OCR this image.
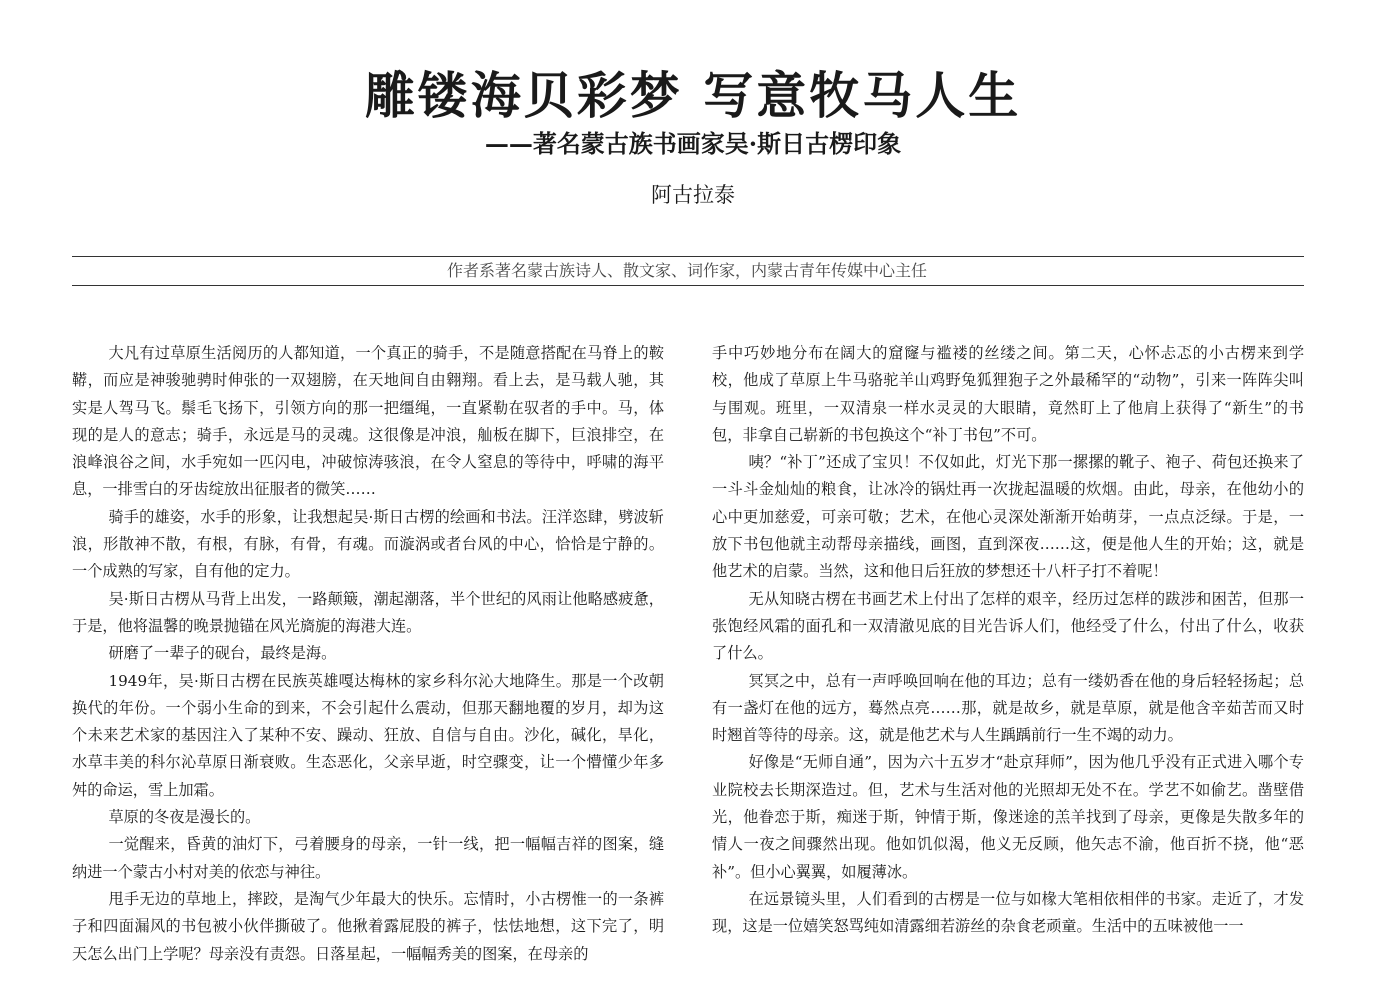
雕镂海贝彩梦 写意牧马人生
——著名蒙古族书画家吴·斯日古楞印象
阿古拉泰
作者系著名蒙古族诗人、散文家、词作家，内蒙古青年传媒中心主任

大凡有过草原生活阅历的人都知道，一个真正的骑手，不是随意搭配在马脊上的鞍鞯，而应是神骏驰骋时伸张的一双翅膀，在天地间自由翱翔。看上去，是马载人驰，其实是人驾马飞。鬃毛飞扬下，引领方向的那一把缰绳，一直紧勒在驭者的手中。马，体现的是人的意志；骑手，永远是马的灵魂。这很像是冲浪，舢板在脚下，巨浪排空，在浪峰浪谷之间，水手宛如一匹闪电，冲破惊涛骇浪，在令人窒息的等待中，呼啸的海平息，一排雪白的牙齿绽放出征服者的微笑……

骑手的雄姿，水手的形象，让我想起吴·斯日古楞的绘画和书法。汪洋恣肆，劈波斩浪，形散神不散，有根，有脉，有骨，有魂。而漩涡或者台风的中心，恰恰是宁静的。一个成熟的写家，自有他的定力。

吴·斯日古楞从马背上出发，一路颠簸，潮起潮落，半个世纪的风雨让他略感疲惫，于是，他将温馨的晚景抛锚在风光旖旎的海港大连。

研磨了一辈子的砚台，最终是海。

1949年，吴·斯日古楞在民族英雄嘎达梅林的家乡科尔沁大地降生。那是一个改朝换代的年份。一个弱小生命的到来，不会引起什么震动，但那天翻地覆的岁月，却为这个未来艺术家的基因注入了某种不安、躁动、狂放、自信与自由。沙化，碱化，旱化，水草丰美的科尔沁草原日渐衰败。生态恶化，父亲早逝，时空骤变，让一个懵懂少年多舛的命运，雪上加霜。

草原的冬夜是漫长的。

一觉醒来，昏黄的油灯下，弓着腰身的母亲，一针一线，把一幅幅吉祥的图案，缝纳进一个蒙古小村对美的依恋与神往。

甩手无边的草地上，摔跤，是淘气少年最大的快乐。忘情时，小古楞惟一的一条裤子和四面漏风的书包被小伙伴撕破了。他揪着露屁股的裤子，怯怯地想，这下完了，明天怎么出门上学呢？母亲没有责怨。日落星起，一幅幅秀美的图案，在母亲的

手中巧妙地分布在阔大的窟窿与褴褛的丝缕之间。第二天，心怀忐忑的小古楞来到学校，他成了草原上牛马骆驼羊山鸡野兔狐狸狍子之外最稀罕的“动物”，引来一阵阵尖叫与围观。班里，一双清泉一样水灵灵的大眼睛，竟然盯上了他肩上获得了“新生”的书包，非拿自己崭新的书包换这个“补丁书包”不可。

咦？“补丁”还成了宝贝！不仅如此，灯光下那一摞摞的靴子、袍子、荷包还换来了一斗斗金灿灿的粮食，让冰冷的锅灶再一次拢起温暖的炊烟。由此，母亲，在他幼小的心中更加慈爱，可亲可敬；艺术，在他心灵深处渐渐开始萌芽，一点点泛绿。于是，一放下书包他就主动帮母亲描线，画图，直到深夜……这，便是他人生的开始；这，就是他艺术的启蒙。当然，这和他日后狂放的梦想还十八杆子打不着呢！

无从知晓古楞在书画艺术上付出了怎样的艰辛，经历过怎样的跋涉和困苦，但那一张饱经风霜的面孔和一双清澈见底的目光告诉人们，他经受了什么，付出了什么，收获了什么。

冥冥之中，总有一声呼唤回响在他的耳边；总有一缕奶香在他的身后轻轻扬起；总有一盏灯在他的远方，蓦然点亮……那，就是故乡，就是草原，就是他含辛茹苦而又时时翘首等待的母亲。这，就是他艺术与人生踽踽前行一生不竭的动力。

好像是“无师自通”，因为六十五岁才“赴京拜师”，因为他几乎没有正式进入哪个专业院校去长期深造过。但，艺术与生活对他的光照却无处不在。学艺不如偷艺。凿壁借光，他眷恋于斯，痴迷于斯，钟情于斯，像迷途的羔羊找到了母亲，更像是失散多年的情人一夜之间骤然出现。他如饥似渴，他义无反顾，他矢志不渝，他百折不挠，他“恶补”。但小心翼翼，如履薄冰。

在远景镜头里，人们看到的古楞是一位与如椽大笔相依相伴的书家。走近了，才发现，这是一位嬉笑怒骂纯如清露细若游丝的杂食老顽童。生活中的五味被他一一
